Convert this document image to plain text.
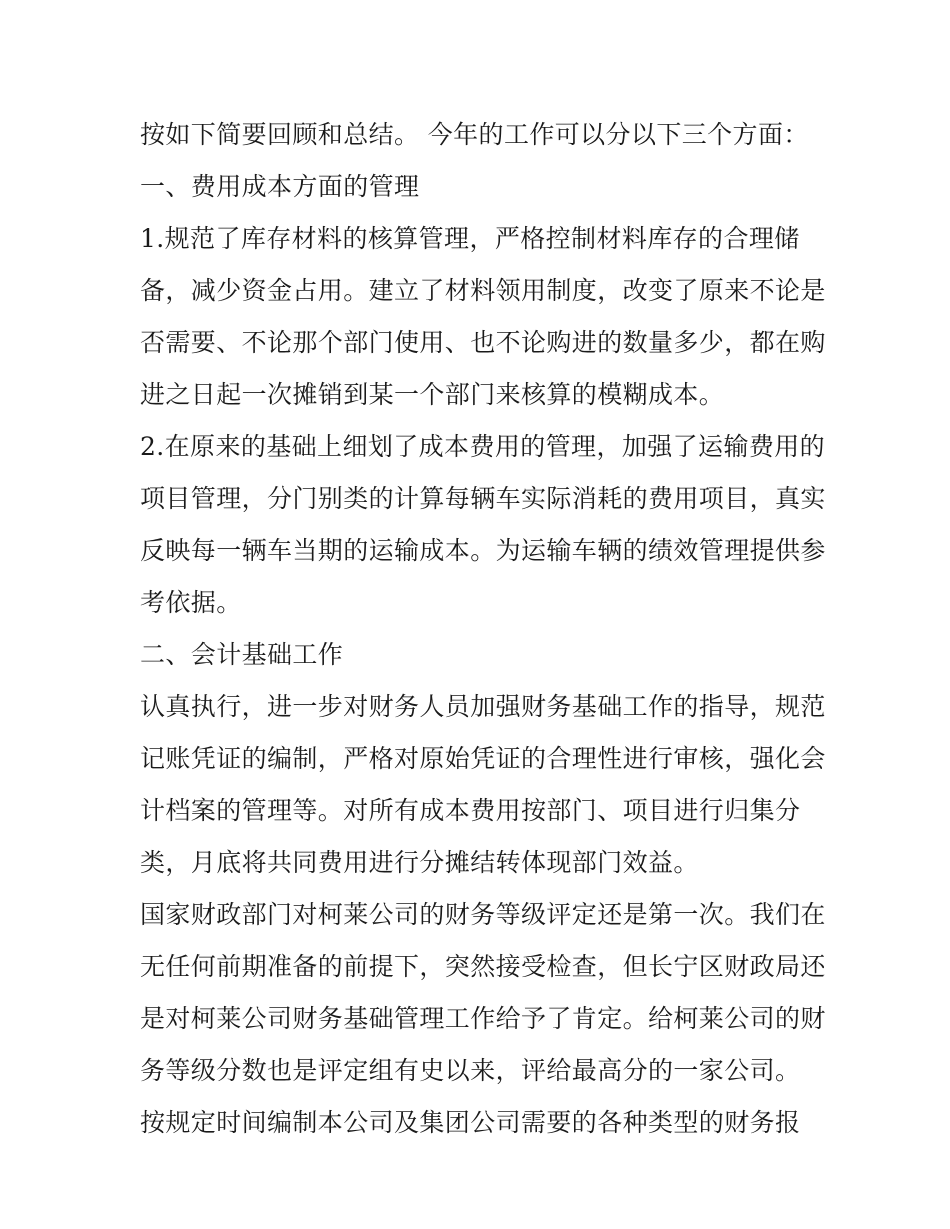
按如下简要回顾和总结。 今年的工作可以分以下三个方面：
一、费用成本方面的管理
1.规范了库存材料的核算管理，严格控制材料库存的合理储
备，减少资金占用。建立了材料领用制度，改变了原来不论是
否需要、不论那个部门使用、也不论购进的数量多少，都在购
进之日起一次摊销到某一个部门来核算的模糊成本。
2.在原来的基础上细划了成本费用的管理，加强了运输费用的
项目管理，分门别类的计算每辆车实际消耗的费用项目，真实
反映每一辆车当期的运输成本。为运输车辆的绩效管理提供参
考依据。
二、会计基础工作
认真执行，进一步对财务人员加强财务基础工作的指导，规范
记账凭证的编制，严格对原始凭证的合理性进行审核，强化会
计档案的管理等。对所有成本费用按部门、项目进行归集分
类，月底将共同费用进行分摊结转体现部门效益。
国家财政部门对柯莱公司的财务等级评定还是第一次。我们在
无任何前期准备的前提下，突然接受检查，但长宁区财政局还
是对柯莱公司财务基础管理工作给予了肯定。给柯莱公司的财
务等级分数也是评定组有史以来，评给最高分的一家公司。
按规定时间编制本公司及集团公司需要的各种类型的财务报
